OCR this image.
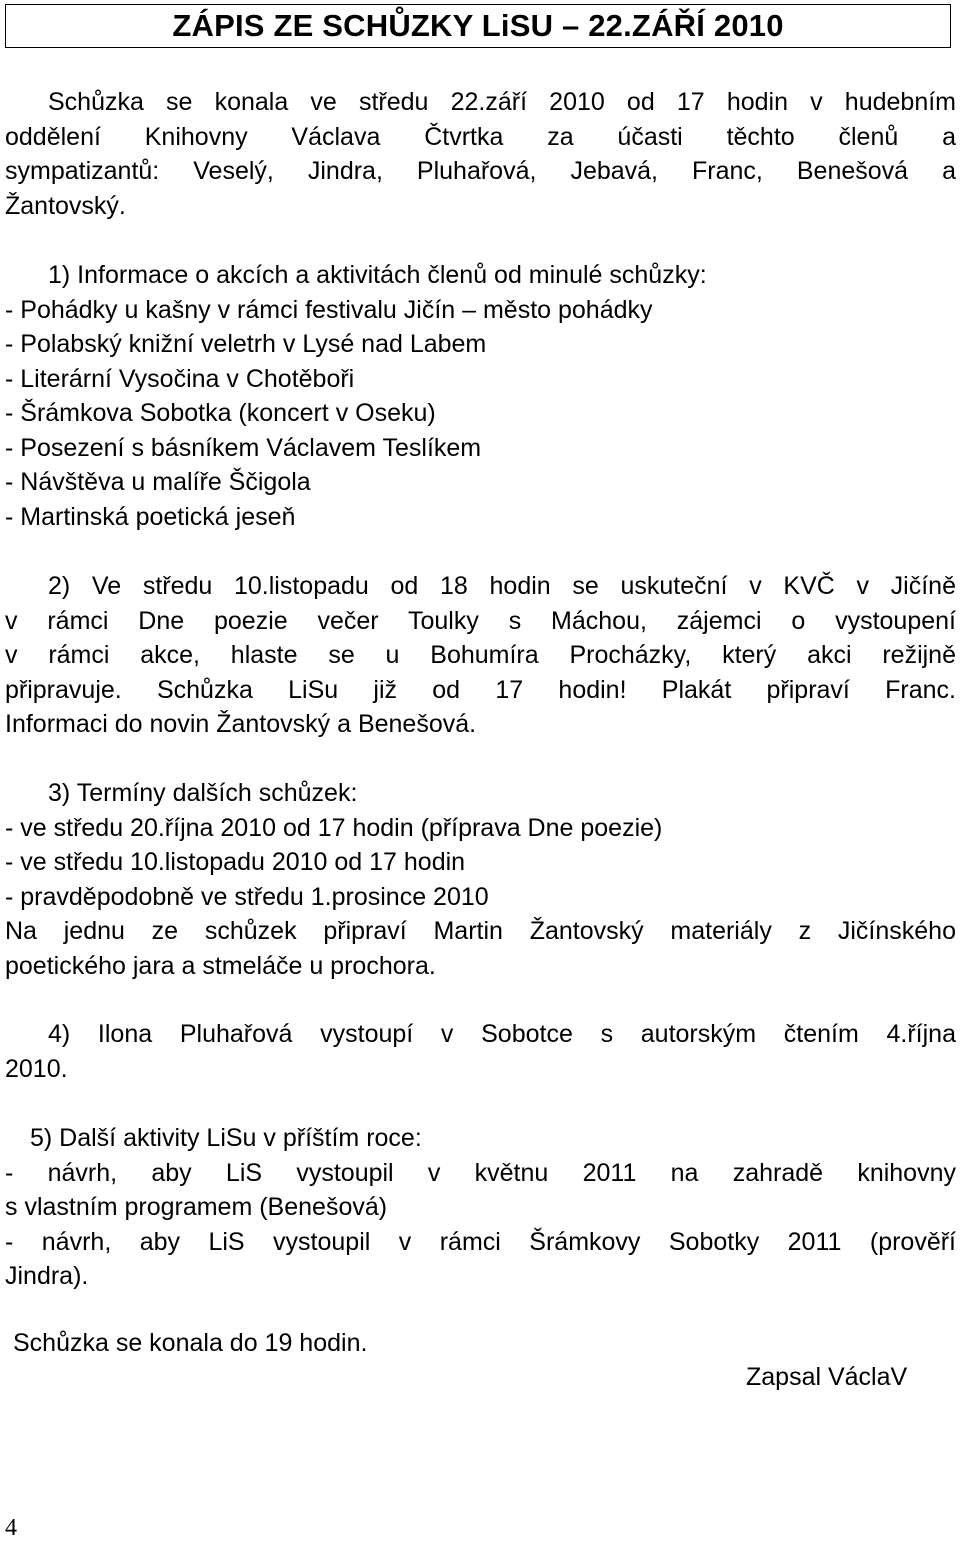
ZÁPIS ZE SCHŮZKY LiSU – 22.ZÁŘÍ 2010
Schůzka se konala ve středu 22.září 2010 od 17 hodin v hudebním
oddělení Knihovny Václava Čtvrtka za účasti těchto členů a
sympatizantů: Veselý, Jindra, Pluhařová, Jebavá, Franc, Benešová a
Žantovský.
1) Informace o akcích a aktivitách členů od minulé schůzky:
- Pohádky u kašny v rámci festivalu Jičín – město pohádky
- Polabský knižní veletrh v Lysé nad Labem
- Literární Vysočina v Chotěboři
- Šrámkova Sobotka (koncert v Oseku)
- Posezení s básníkem Václavem Teslíkem
- Návštěva u malíře Ščigola
- Martinská poetická jeseň
2) Ve středu 10.listopadu od 18 hodin se uskuteční v KVČ v Jičíně
v rámci Dne poezie večer Toulky s Máchou, zájemci o vystoupení
v rámci akce, hlaste se u Bohumíra Procházky, který akci režijně
připravuje. Schůzka LiSu již od 17 hodin! Plakát připraví Franc.
Informaci do novin Žantovský a Benešová.
3) Termíny dalších schůzek:
- ve středu 20.října 2010 od 17 hodin (příprava Dne poezie)
- ve středu 10.listopadu 2010 od 17 hodin
- pravděpodobně ve středu 1.prosince 2010
Na jednu ze schůzek připraví Martin Žantovský materiály z Jičínského
poetického jara a stmeláče u prochora.
4) Ilona Pluhařová vystoupí v Sobotce s autorským čtením 4.října
2010.
5) Další aktivity LiSu v příštím roce:
- návrh, aby LiS vystoupil v květnu 2011 na zahradě knihovny
s vlastním programem (Benešová)
- návrh, aby LiS vystoupil v rámci Šrámkovy Sobotky 2011 (prověří
Jindra).
Schůzka se konala do 19 hodin.
Zapsal VáclaV
4
